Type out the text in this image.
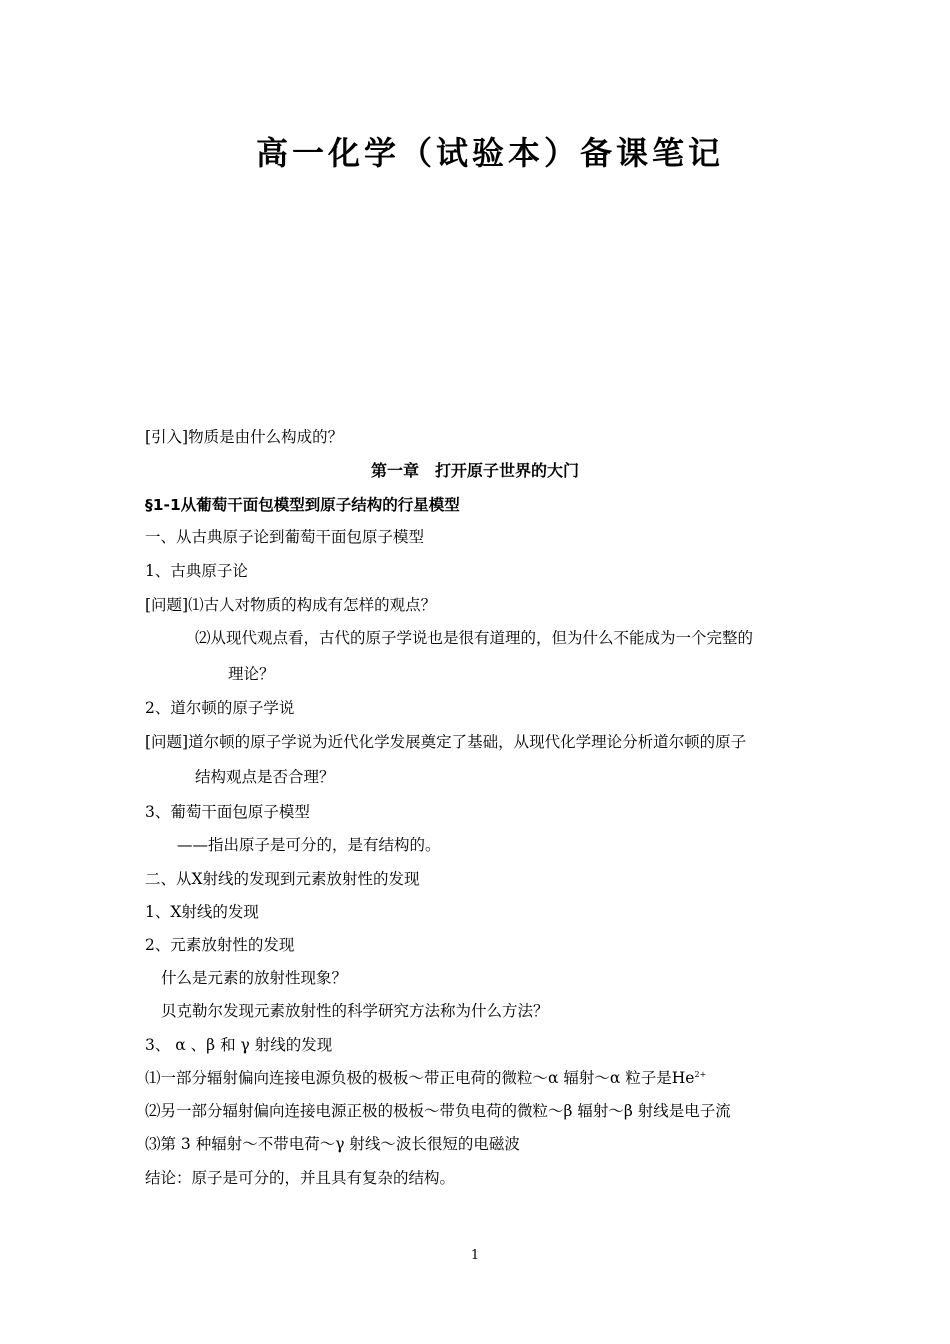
高一化学（试验本）备课笔记
[引入]物质是由什么构成的？
第一章　打开原子世界的大门
§1-1从葡萄干面包模型到原子结构的行星模型
一、从古典原子论到葡萄干面包原子模型
1、古典原子论
[问题]⑴古人对物质的构成有怎样的观点？
⑵从现代观点看，古代的原子学说也是很有道理的，但为什么不能成为一个完整的
理论？
2、道尔顿的原子学说
[问题]道尔顿的原子学说为近代化学发展奠定了基础，从现代化学理论分析道尔顿的原子
结构观点是否合理？
3、葡萄干面包原子模型
——指出原子是可分的，是有结构的。
二、从X射线的发现到元素放射性的发现
1、X射线的发现
2、元素放射性的发现
什么是元素的放射性现象？
贝克勒尔发现元素放射性的科学研究方法称为什么方法？
3、 α 、β 和 γ 射线的发现
⑴一部分辐射偏向连接电源负极的极板～带正电荷的微粒～α 辐射～α 粒子是$He^{2+}$
⑵另一部分辐射偏向连接电源正极的极板～带负电荷的微粒～β 辐射～β 射线是电子流
⑶第 3 种辐射～不带电荷～γ 射线～波长很短的电磁波
结论：原子是可分的，并且具有复杂的结构。
1
